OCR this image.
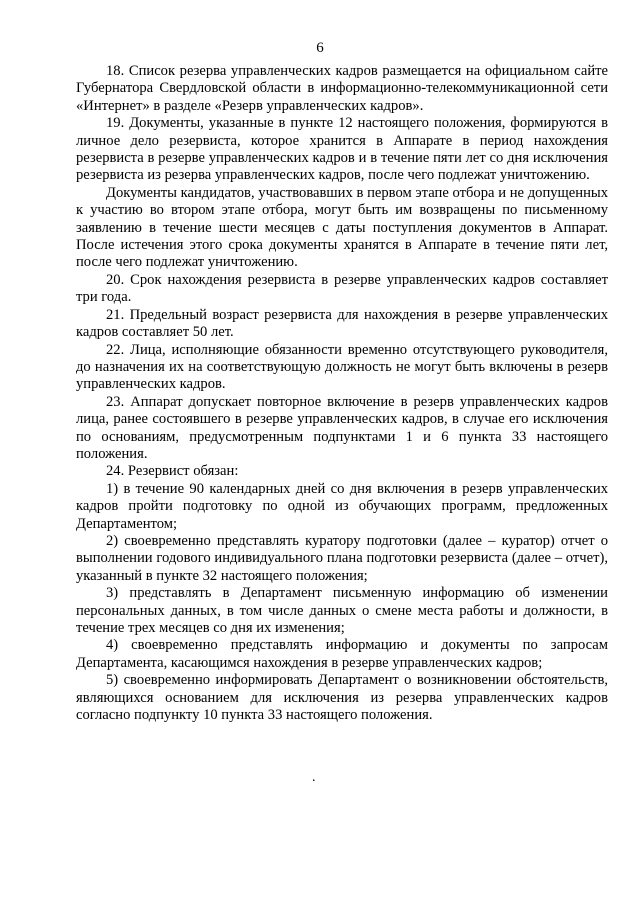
6

18. Список резерва управленческих кадров размещается на официальном сайте Губернатора Свердловской области в информационно-телекоммуникационной сети «Интернет» в разделе «Резерв управленческих кадров».

19. Документы, указанные в пункте 12 настоящего положения, формируются в личное дело резервиста, которое хранится в Аппарате в период нахождения резервиста в резерве управленческих кадров и в течение пяти лет со дня исключения резервиста из резерва управленческих кадров, после чего подлежат уничтожению.

Документы кандидатов, участвовавших в первом этапе отбора и не допущенных к участию во втором этапе отбора, могут быть им возвращены по письменному заявлению в течение шести месяцев с даты поступления документов в Аппарат. После истечения этого срока документы хранятся в Аппарате в течение пяти лет, после чего подлежат уничтожению.

20. Срок нахождения резервиста в резерве управленческих кадров составляет три года.

21. Предельный возраст резервиста для нахождения в резерве управленческих кадров составляет 50 лет.

22. Лица, исполняющие обязанности временно отсутствующего руководителя, до назначения их на соответствующую должность не могут быть включены в резерв управленческих кадров.

23. Аппарат допускает повторное включение в резерв управленческих кадров лица, ранее состоявшего в резерве управленческих кадров, в случае его исключения по основаниям, предусмотренным подпунктами 1 и 6 пункта 33 настоящего положения.

24. Резервист обязан:

1) в течение 90 календарных дней со дня включения в резерв управленческих кадров пройти подготовку по одной из обучающих программ, предложенных Департаментом;

2) своевременно представлять куратору подготовки (далее – куратор) отчет о выполнении годового индивидуального плана подготовки резервиста (далее – отчет), указанный в пункте 32 настоящего положения;

3) представлять в Департамент письменную информацию об изменении персональных данных, в том числе данных о смене места работы и должности, в течение трех месяцев со дня их изменения;

4) своевременно представлять информацию и документы по запросам Департамента, касающимся нахождения в резерве управленческих кадров;

5) своевременно информировать Департамент о возникновении обстоятельств, являющихся основанием для исключения из резерва управленческих кадров согласно подпункту 10 пункта 33 настоящего положения.

.
